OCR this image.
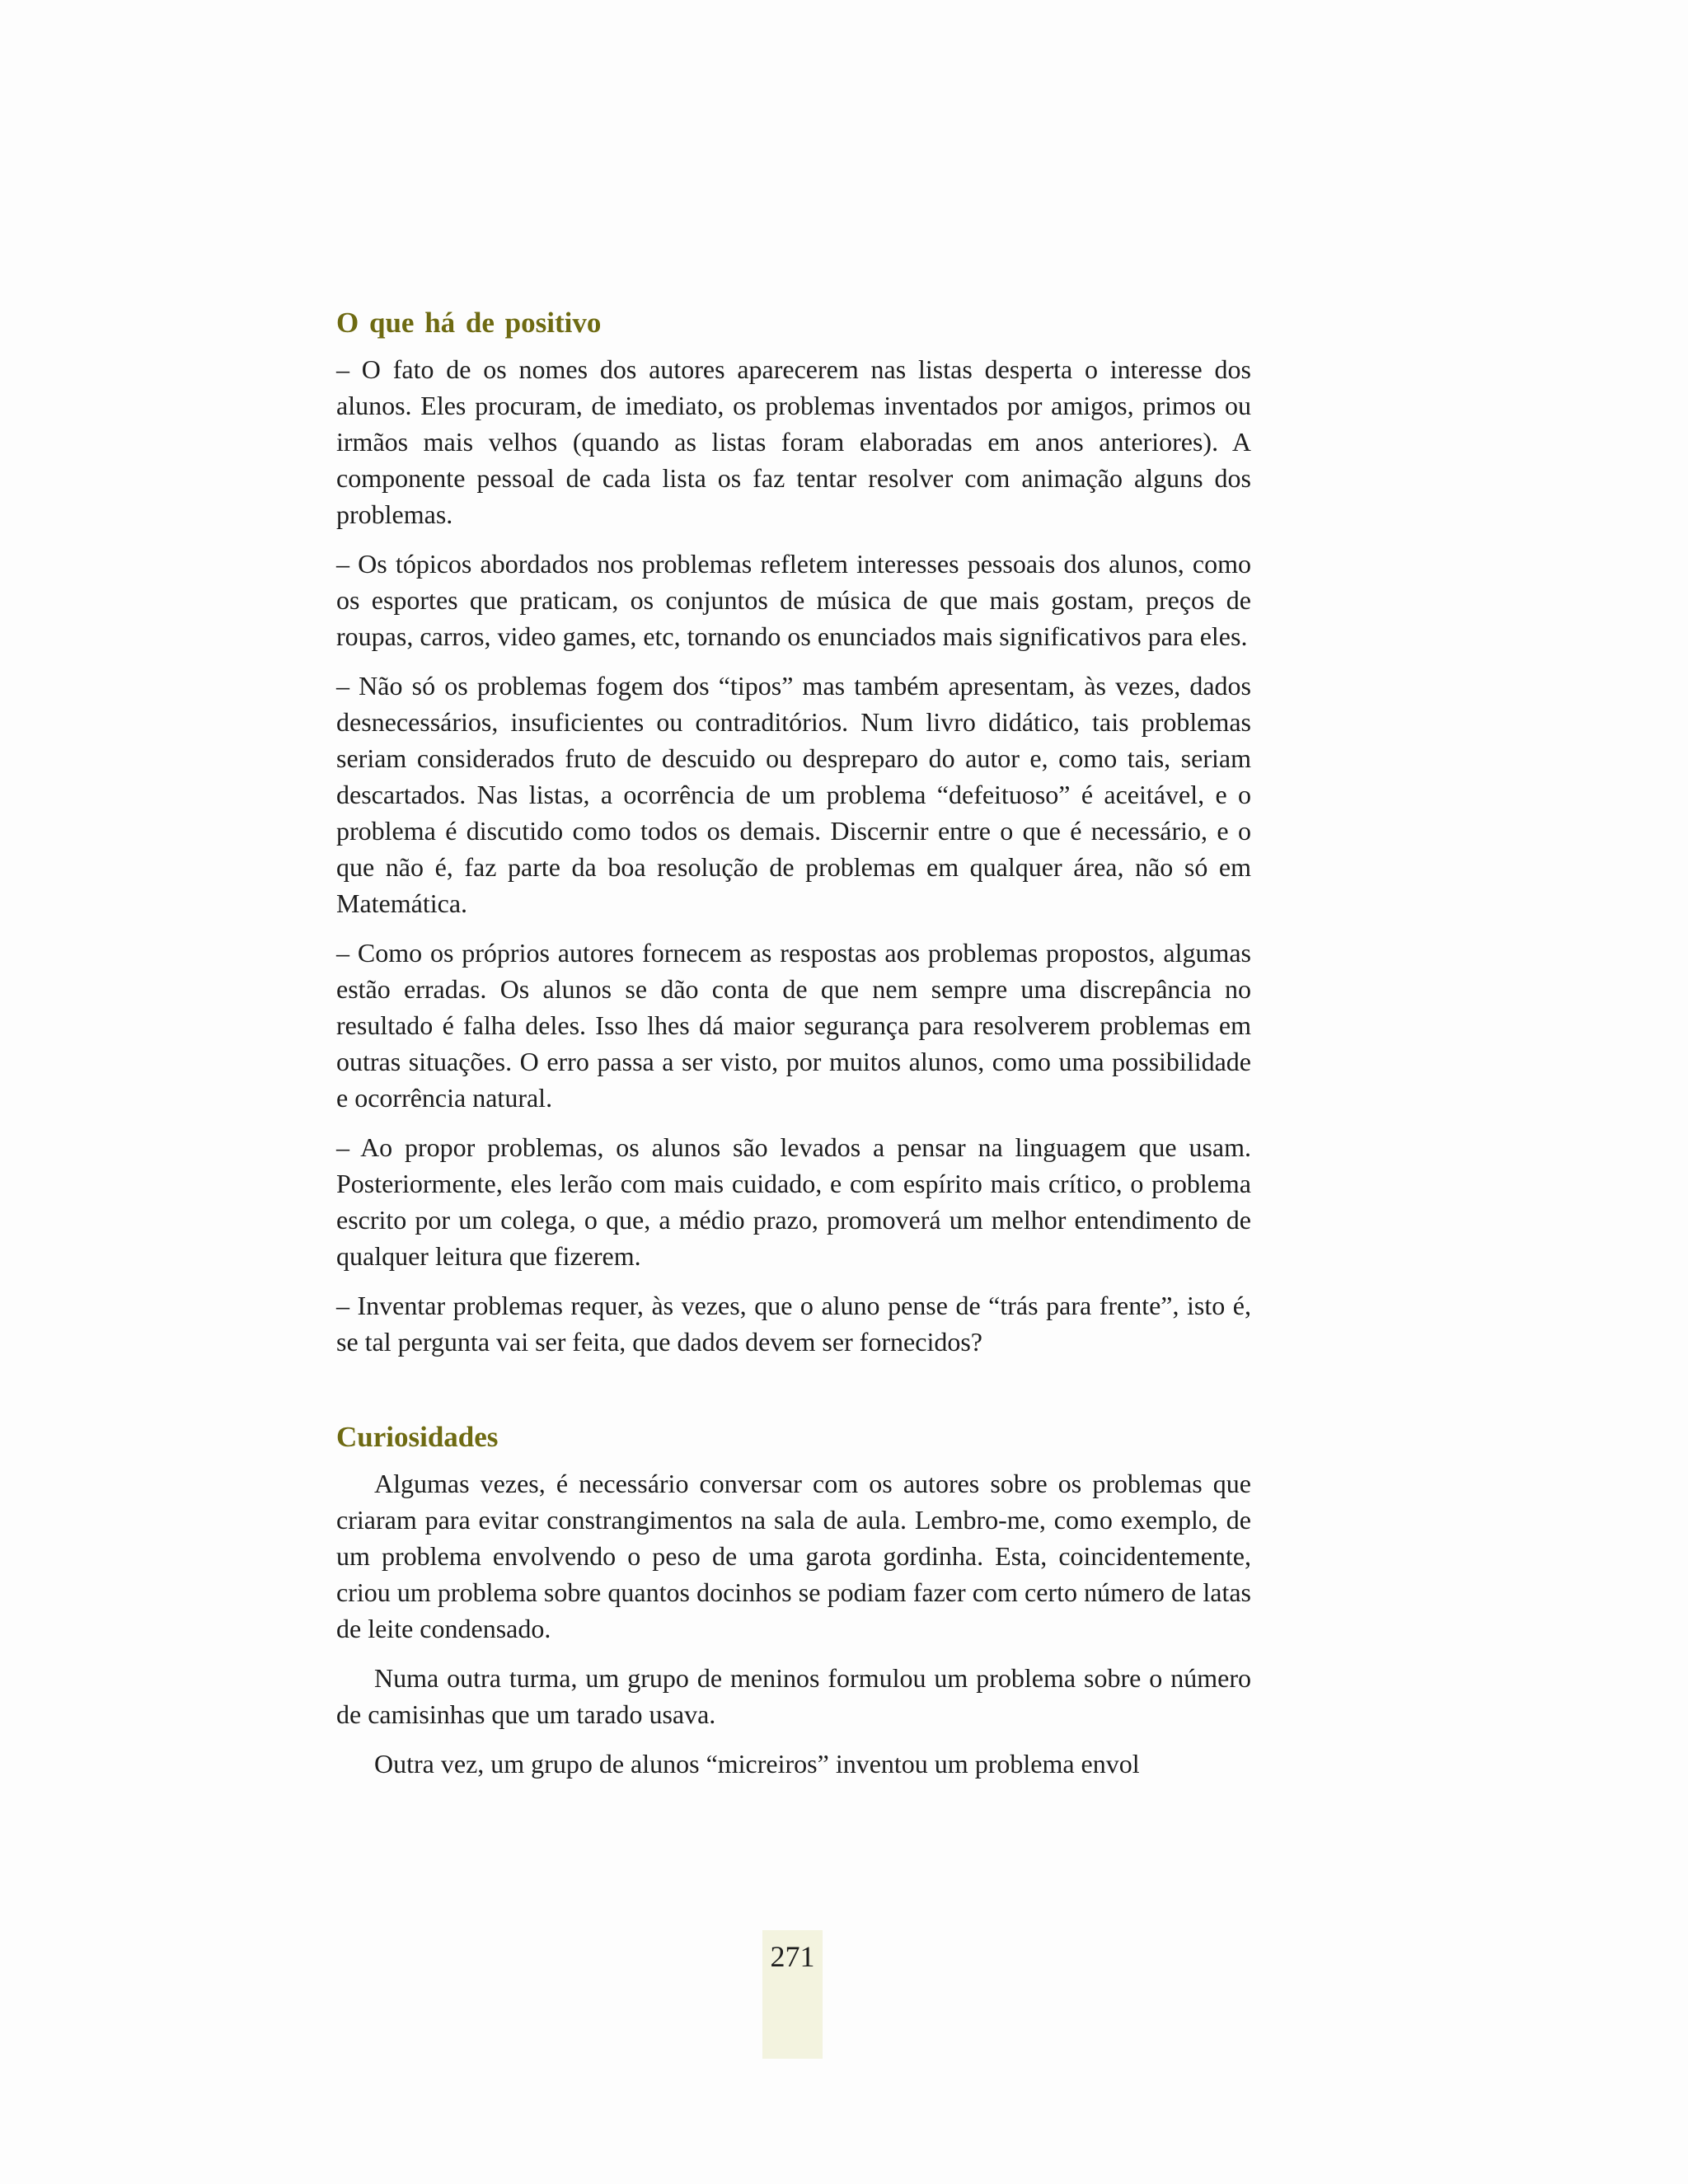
O que há de positivo

– O fato de os nomes dos autores aparecerem nas listas desperta o interesse dos alunos. Eles procuram, de imediato, os problemas inventados por amigos, primos ou irmãos mais velhos (quando as listas foram elaboradas em anos anteriores). A componente pessoal de cada lista os faz tentar resolver com animação alguns dos problemas.

– Os tópicos abordados nos problemas refletem interesses pessoais dos alunos, como os esportes que praticam, os conjuntos de música de que mais gostam, preços de roupas, carros, video games, etc, tornando os enunciados mais significativos para eles.

– Não só os problemas fogem dos “tipos” mas também apresentam, às vezes, dados desnecessários, insuficientes ou contraditórios. Num livro didático, tais problemas seriam considerados fruto de descuido ou despreparo do autor e, como tais, seriam descartados. Nas listas, a ocorrência de um problema “defeituoso” é aceitável, e o problema é discutido como todos os demais. Discernir entre o que é necessário, e o que não é, faz parte da boa resolução de problemas em qualquer área, não só em Matemática.

– Como os próprios autores fornecem as respostas aos problemas propostos, algumas estão erradas. Os alunos se dão conta de que nem sempre uma discrepância no resultado é falha deles. Isso lhes dá maior segurança para resolverem problemas em outras situações. O erro passa a ser visto, por muitos alunos, como uma possibilidade e ocorrência natural.

– Ao propor problemas, os alunos são levados a pensar na linguagem que usam. Posteriormente, eles lerão com mais cuidado, e com espírito mais crítico, o problema escrito por um colega, o que, a médio prazo, promoverá um melhor entendimento de qualquer leitura que fizerem.

– Inventar problemas requer, às vezes, que o aluno pense de “trás para frente”, isto é, se tal pergunta vai ser feita, que dados devem ser fornecidos?

Curiosidades

Algumas vezes, é necessário conversar com os autores sobre os problemas que criaram para evitar constrangimentos na sala de aula. Lembro-me, como exemplo, de um problema envolvendo o peso de uma garota gordinha. Esta, coincidentemente, criou um problema sobre quantos docinhos se podiam fazer com certo número de latas de leite condensado.

Numa outra turma, um grupo de meninos formulou um problema sobre o número de camisinhas que um tarado usava.

Outra vez, um grupo de alunos “micreiros” inventou um problema envol

271
